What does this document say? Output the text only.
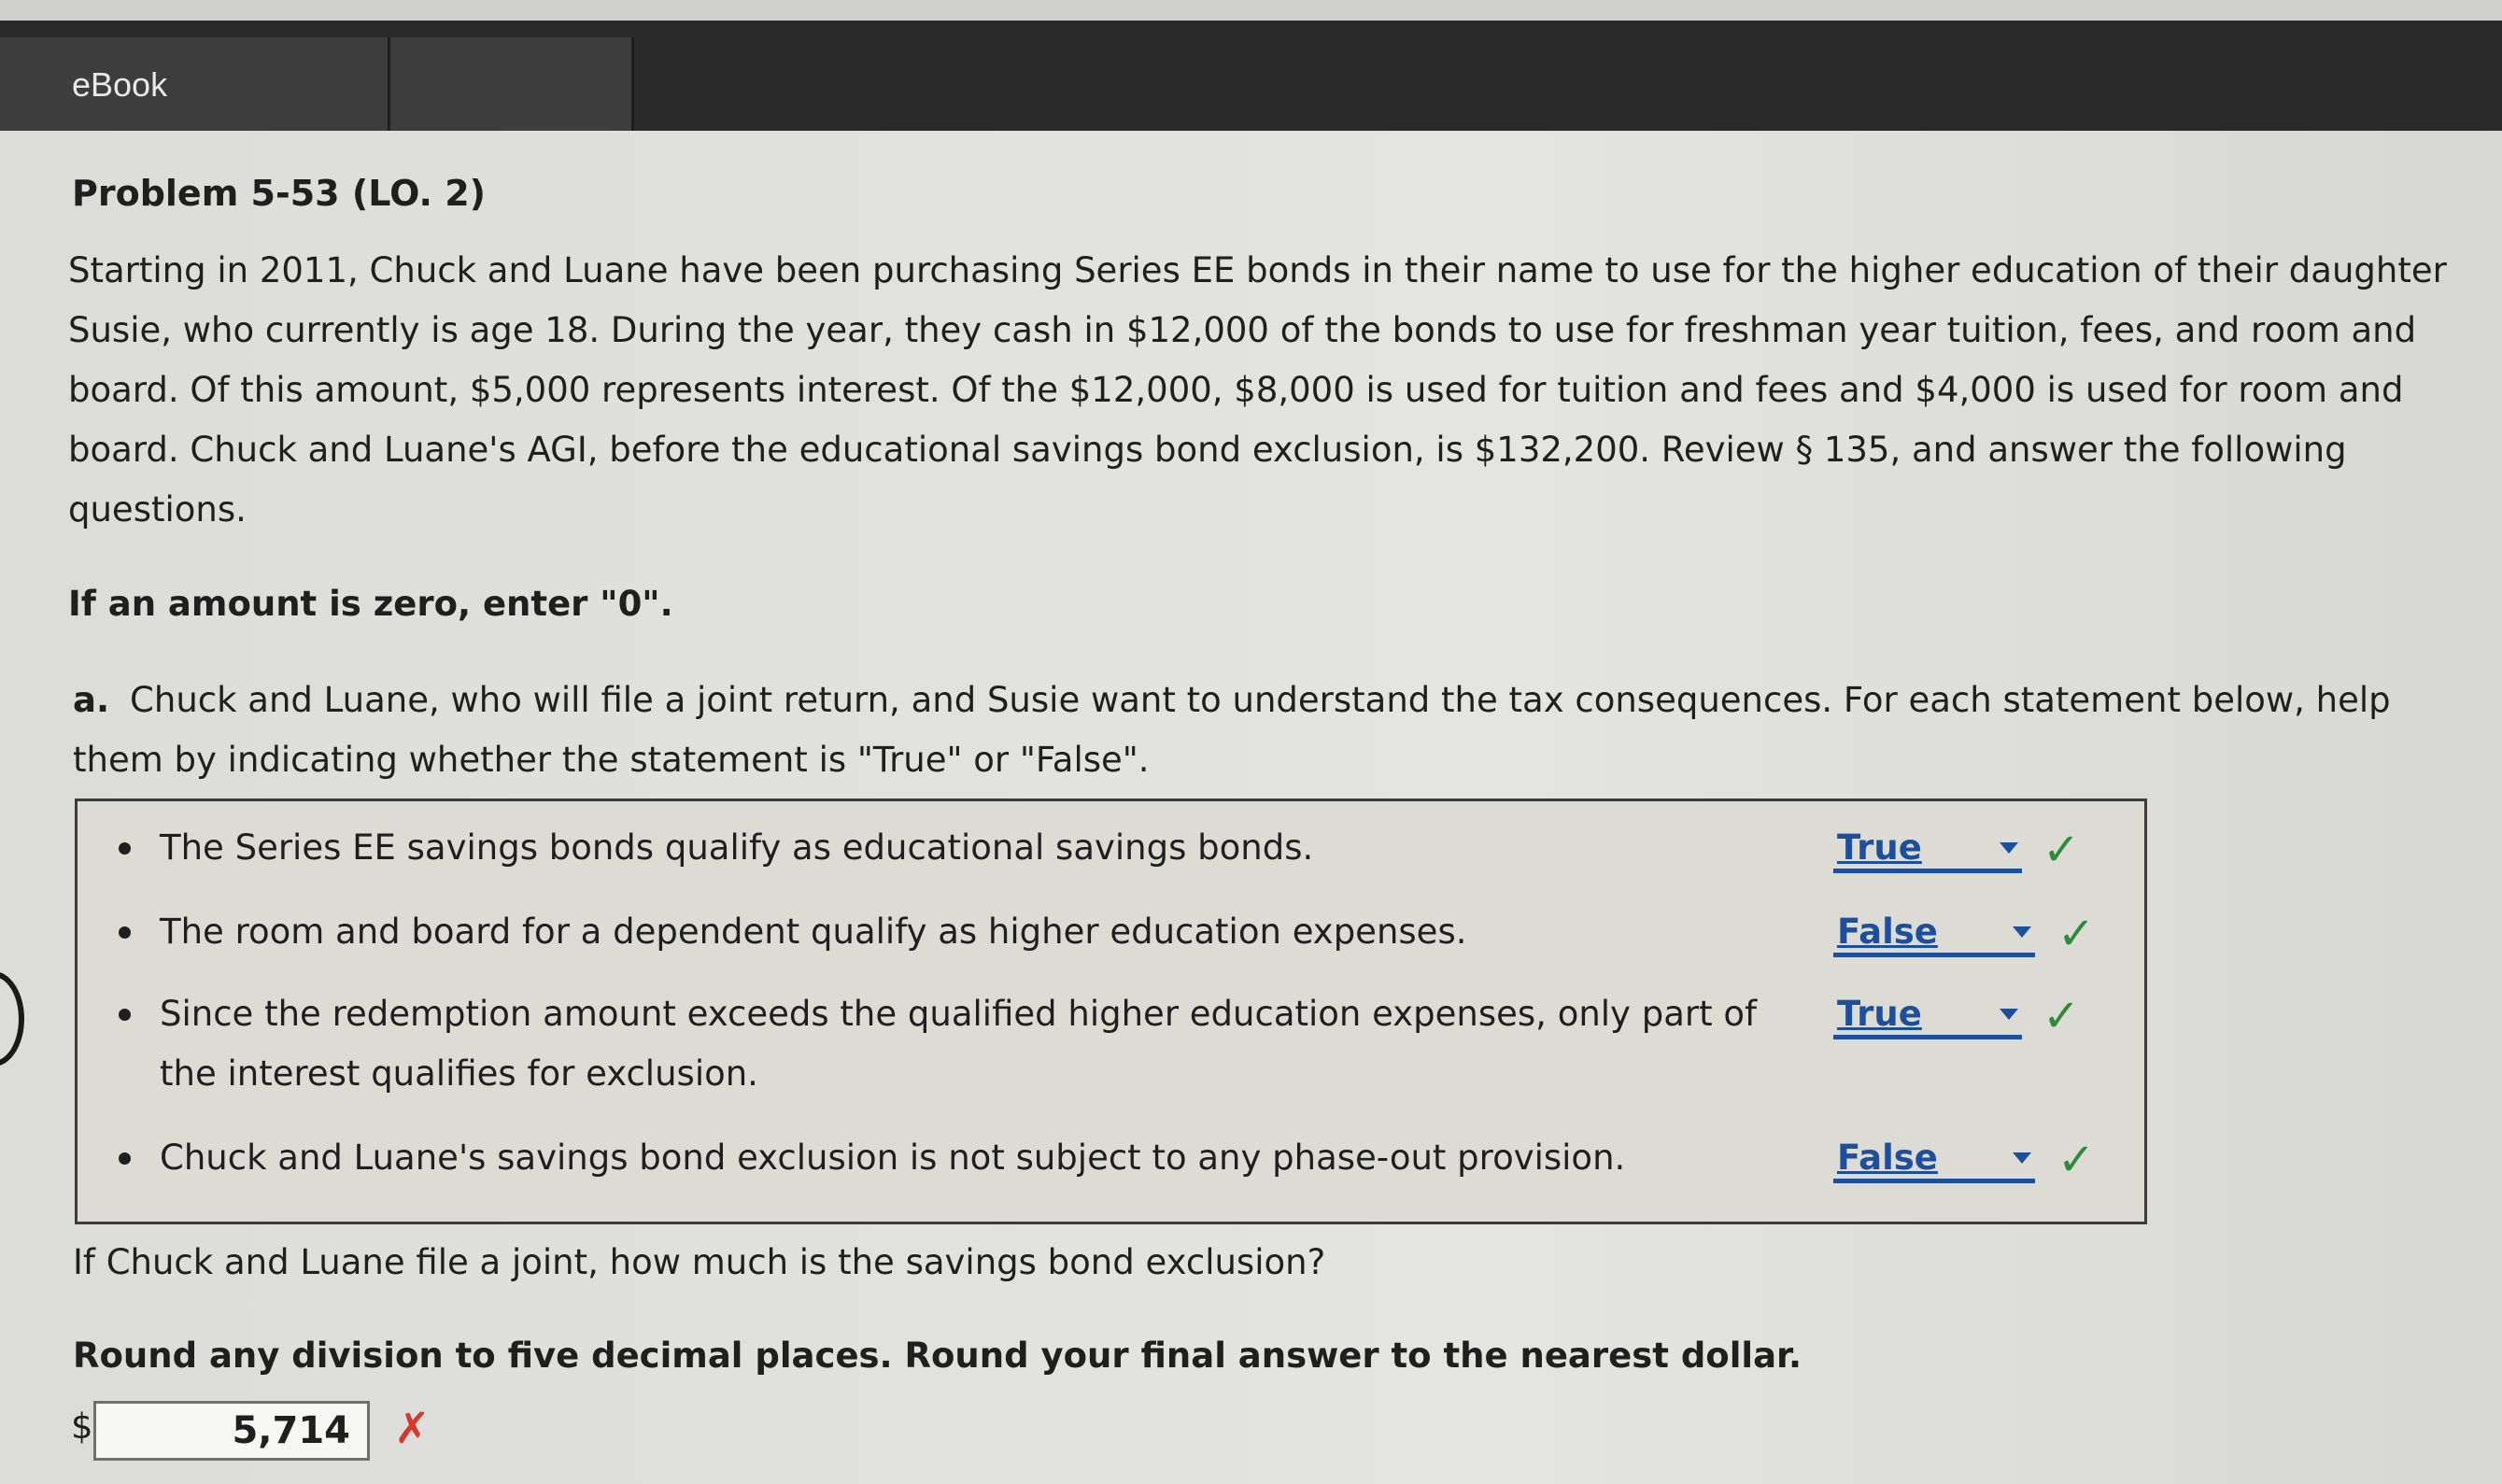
eBook
Problem 5-53 (LO. 2)
Starting in 2011, Chuck and Luane have been purchasing Series EE bonds in their name to use for the higher education of their daughter Susie, who currently is age 18. During the year, they cash in $12,000 of the bonds to use for freshman year tuition, fees, and room and board. Of this amount, $5,000 represents interest. Of the $12,000, $8,000 is used for tuition and fees and $4,000 is used for room and board. Chuck and Luane's AGI, before the educational savings bond exclusion, is $132,200. Review § 135, and answer the following questions.
If an amount is zero, enter "0".
a. Chuck and Luane, who will file a joint return, and Susie want to understand the tax consequences. For each statement below, help them by indicating whether the statement is "True" or "False".
The Series EE savings bonds qualify as educational savings bonds.	True	✓
The room and board for a dependent qualify as higher education expenses.	False	✓
Since the redemption amount exceeds the qualified higher education expenses, only part of the interest qualifies for exclusion.
True	✓
Chuck and Luane's savings bond exclusion is not subject to any phase-out provision.	False	✓
If Chuck and Luane file a joint, how much is the savings bond exclusion?
Round any division to five decimal places. Round your final answer to the nearest dollar.
$
5,714	✗
